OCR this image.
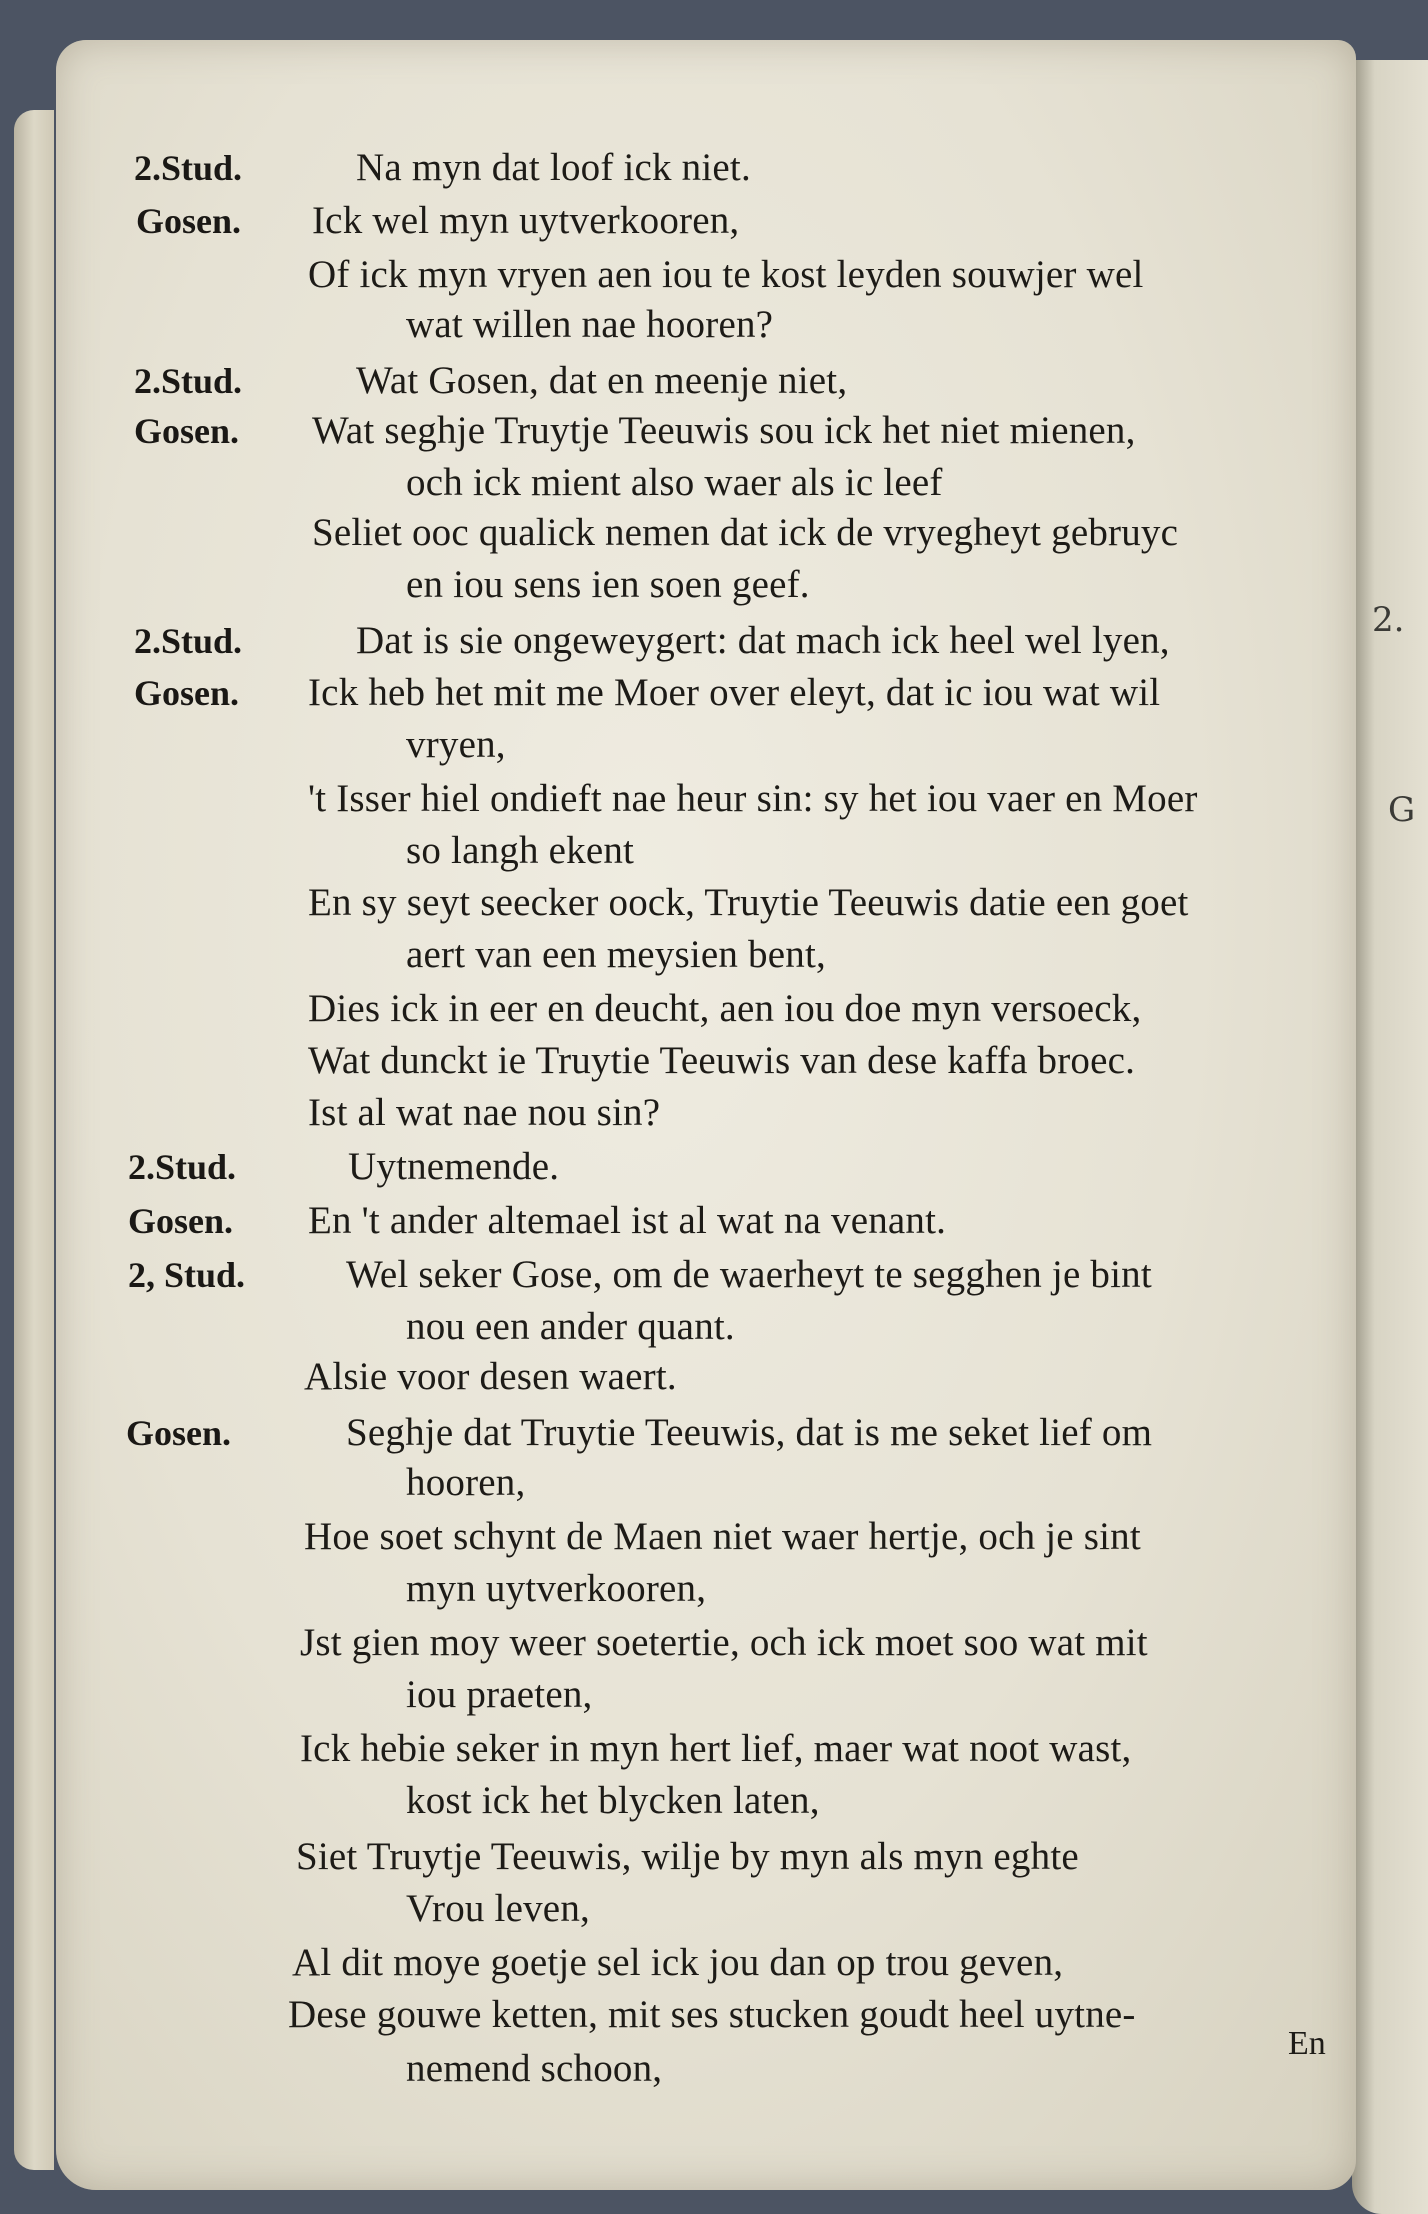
2.
G
2.Stud.	Na myn dat loof ick niet.
Gosen. Ick wel myn uytverkooren,
Of ick myn vryen aen iou te kost leyden souwjer wel
wat willen nae hooren?
2.Stud.	Wat Gosen, dat en meenje niet,
Gosen. Wat seghje Truytje Teeuwis sou ick het niet mienen,
och ick mient also waer als ic leef
Seliet ooc qualick nemen dat ick de vryegheyt gebruyc
en iou sens ien soen geef.
2.Stud.	Dat is sie ongeweygert: dat mach ick heel wel lyen,
Gosen. Ick heb het mit me Moer over eleyt, dat ic iou wat wil
vryen,
't Isser hiel ondieft nae heur sin: sy het iou vaer en Moer
so langh ekent
En sy seyt seecker oock, Truytie Teeuwis datie een goet
aert van een meysien bent,
Dies ick in eer en deucht, aen iou doe myn versoeck,
Wat dunckt ie Truytie Teeuwis van dese kaffa broec.
Ist al wat nae nou sin?
2.Stud.	Uytnemende.
Gosen. En 't ander altemael ist al wat na venant.
2, Stud.	Wel seker Gose, om de waerheyt te segghen je bint
nou een ander quant.
Alsie voor desen waert.
Gosen.	Seghje dat Truytie Teeuwis, dat is me seket lief om
hooren,
Hoe soet schynt de Maen niet waer hertje, och je sint
myn uytverkooren,
Jst gien moy weer soetertie, och ick moet soo wat mit
iou praeten,
Ick hebie seker in myn hert lief, maer wat noot wast,
kost ick het blycken laten,
Siet Truytje Teeuwis, wilje by myn als myn eghte
Vrou leven,
Al dit moye goetje sel ick jou dan op trou geven,
Dese gouwe ketten, mit ses stucken goudt heel uytne-
nemend schoon,
En
